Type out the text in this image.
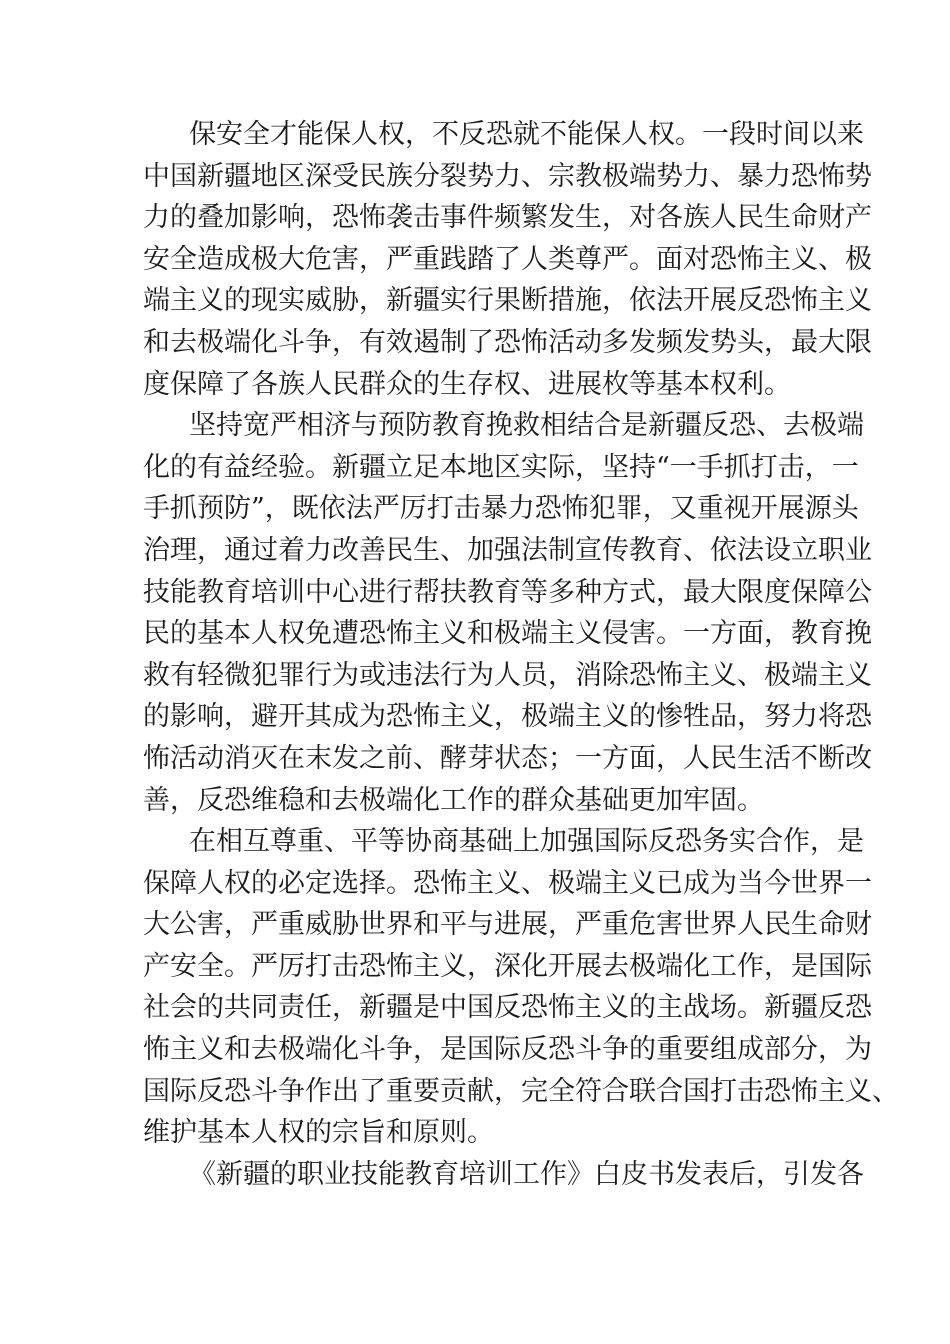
保安全才能保人权，不反恐就不能保人权。一段时间以来
中国新疆地区深受民族分裂势力、宗教极端势力、暴力恐怖势
力的叠加影响，恐怖袭击事件频繁发生，对各族人民生命财产
安全造成极大危害，严重践踏了人类尊严。面对恐怖主义、极
端主义的现实威胁，新疆实行果断措施，依法开展反恐怖主义
和去极端化斗争，有效遏制了恐怖活动多发频发势头，最大限
度保障了各族人民群众的生存权、进展枚等基本权利。
坚持宽严相济与预防教育挽救相结合是新疆反恐、去极端
化的有益经验。新疆立足本地区实际，坚持“一手抓打击，一
手抓预防”，既依法严厉打击暴力恐怖犯罪，又重视开展源头
治理，通过着力改善民生、加强法制宣传教育、依法设立职业
技能教育培训中心进行帮扶教育等多种方式，最大限度保障公
民的基本人权免遭恐怖主义和极端主义侵害。一方面，教育挽
救有轻微犯罪行为或违法行为人员，消除恐怖主义、极端主义
的影响，避开其成为恐怖主义，极端主义的惨牲品，努力将恐
怖活动消灭在末发之前、酵芽状态；一方面，人民生活不断改
善，反恐维稳和去极端化工作的群众基础更加牢固。
在相互尊重、平等协商基础上加强国际反恐务实合作，是
保障人权的必定选择。恐怖主义、极端主义已成为当今世界一
大公害，严重威胁世界和平与进展，严重危害世界人民生命财
产安全。严厉打击恐怖主义，深化开展去极端化工作，是国际
社会的共同责任，新疆是中国反恐怖主义的主战场。新疆反恐
怖主义和去极端化斗争，是国际反恐斗争的重要组成部分，为
国际反恐斗争作出了重要贡献，完全符合联合国打击恐怖主义、
维护基本人权的宗旨和原则。
《新疆的职业技能教育培训工作》白皮书发表后，引发各
